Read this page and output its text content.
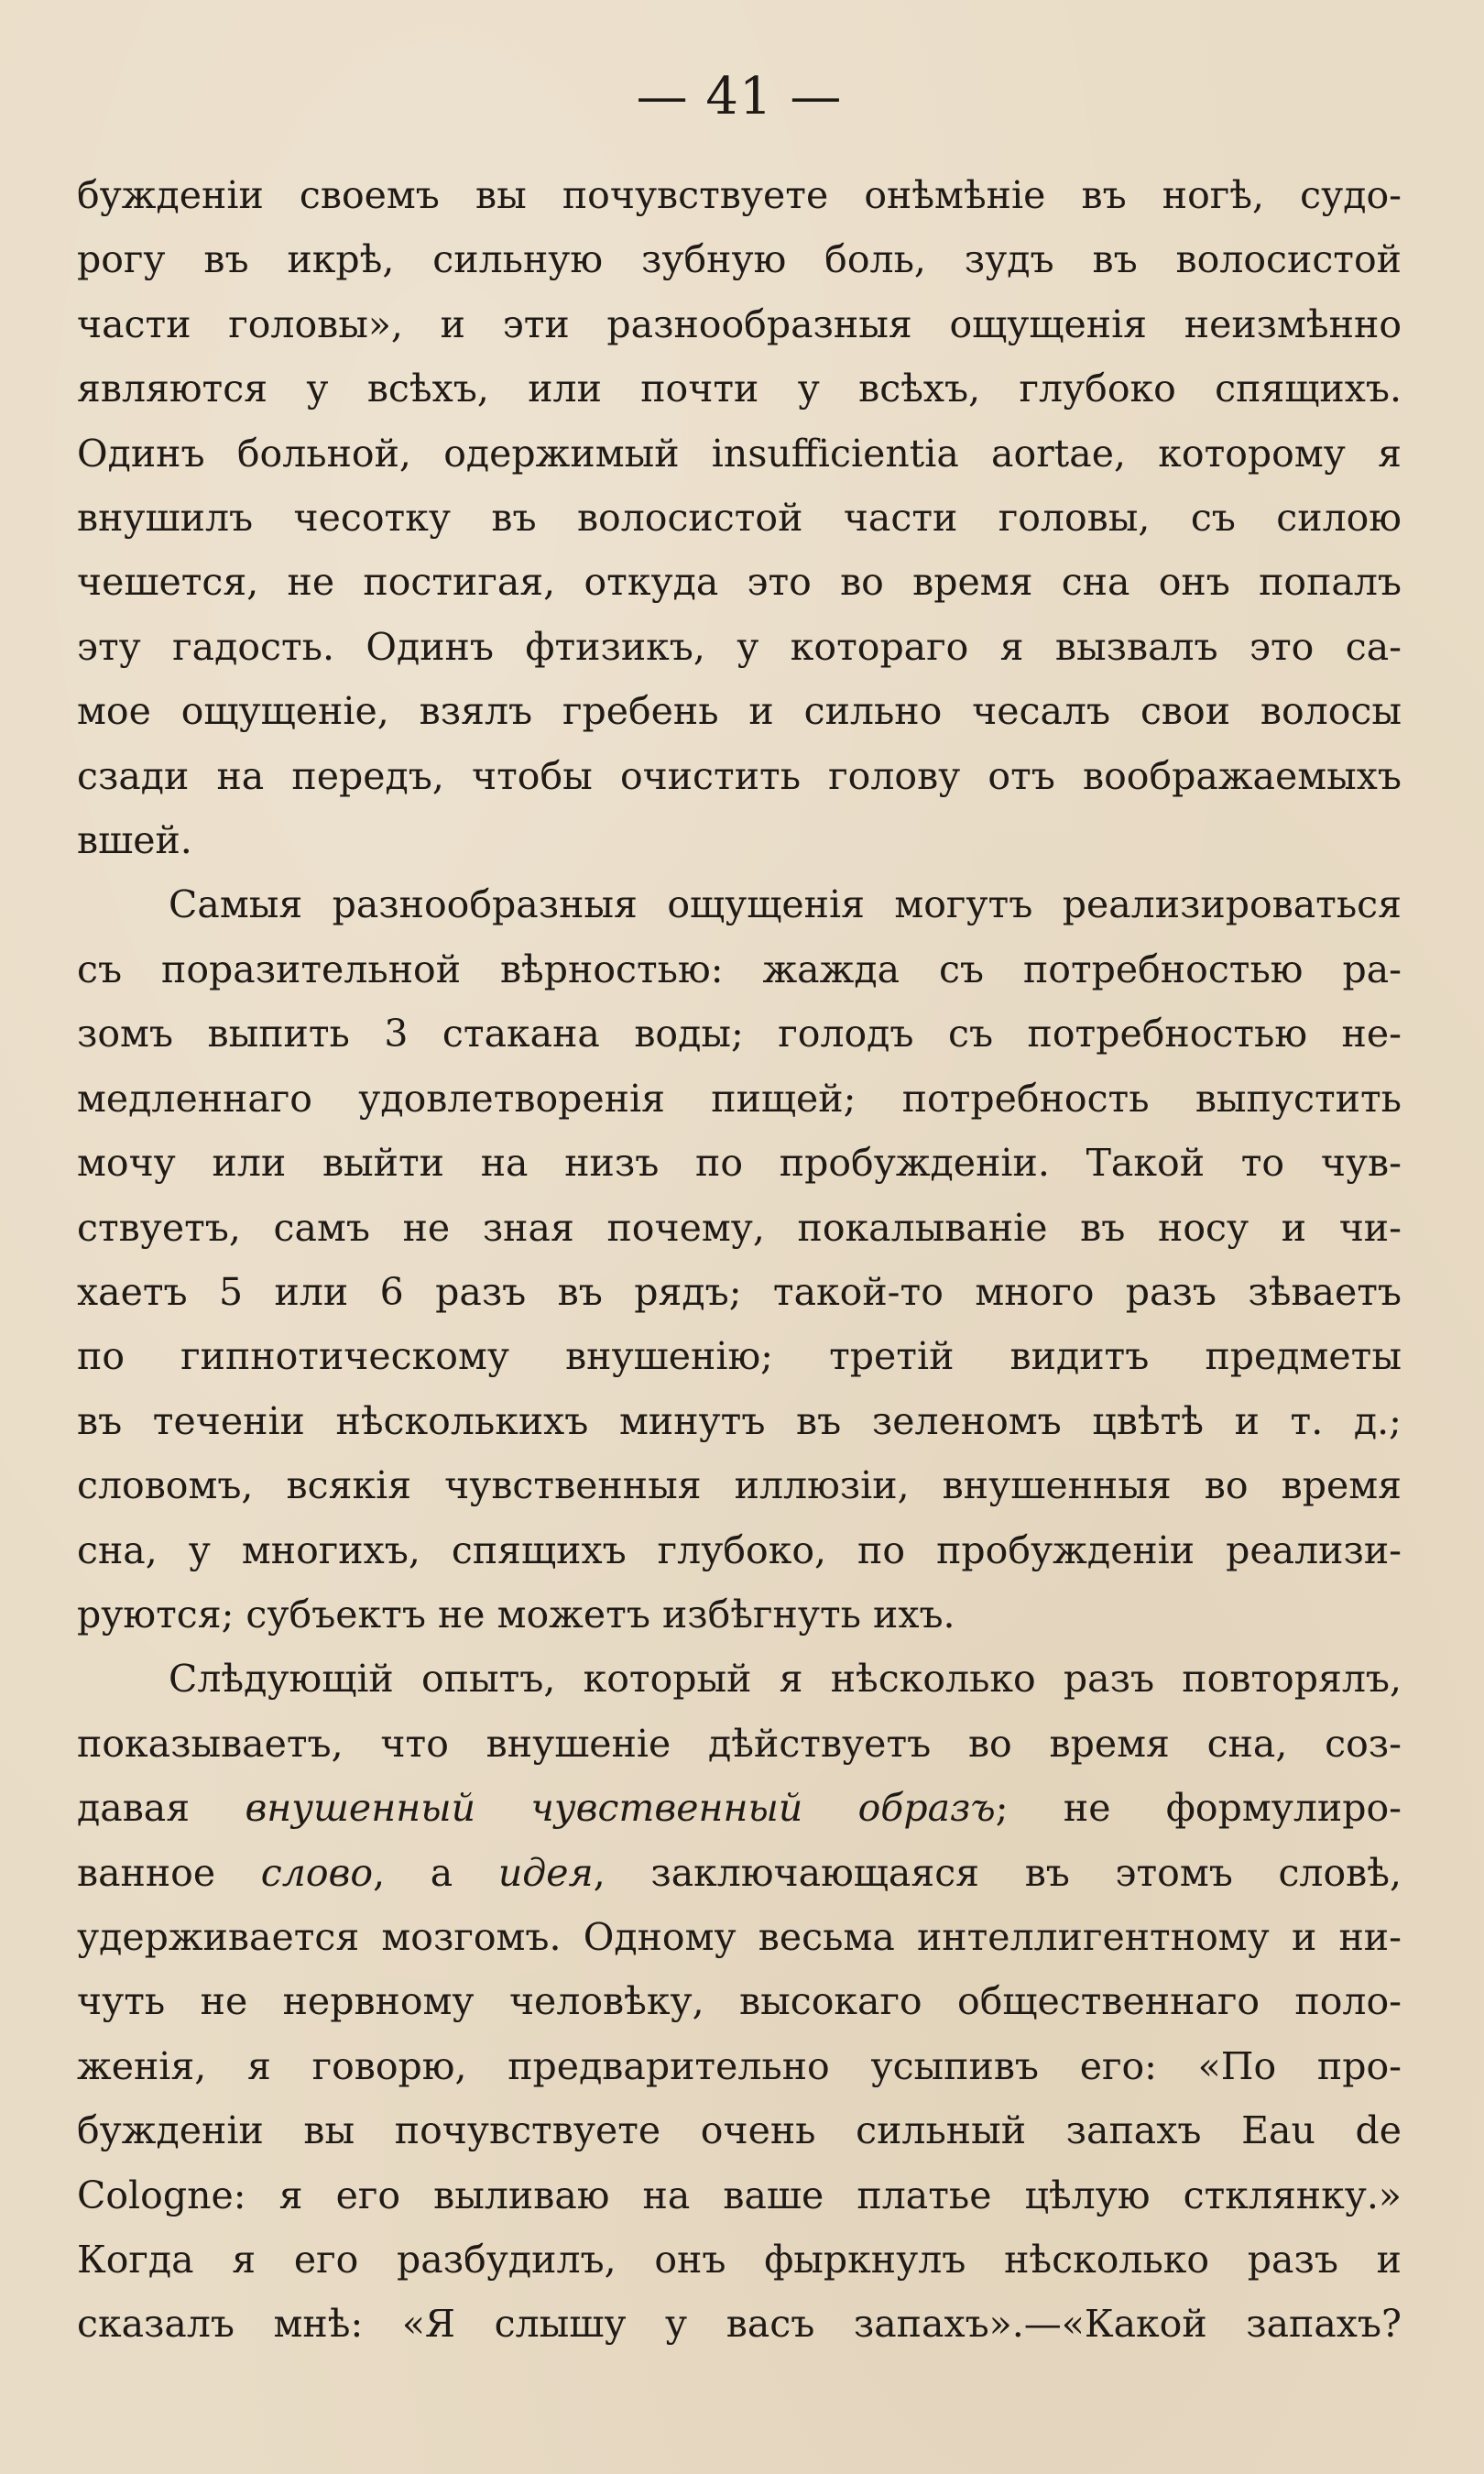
— 41 —
бужденіи своемъ вы почувствуете онѣмѣніе въ ногѣ, судо-
рогу въ икрѣ, сильную зубную боль, зудъ въ волосистой
части головы», и эти разнообразныя ощущенія неизмѣнно
являются у всѣхъ, или почти у всѣхъ, глубоко спящихъ.
Одинъ больной, одержимый insufficientia aortae, которому я
внушилъ чесотку въ волосистой части головы, съ силою
чешется, не постигая, откуда это во время сна онъ попалъ
эту гадость. Одинъ фтизикъ, у котораго я вызвалъ это са-
мое ощущеніе, взялъ гребень и сильно чесалъ свои волосы
сзади на передъ, чтобы очистить голову отъ воображаемыхъ
вшей.
Самыя разнообразныя ощущенія могутъ реализироваться
съ поразительной вѣрностью: жажда съ потребностью ра-
зомъ выпить 3 стакана воды; голодъ съ потребностью не-
медленнаго удовлетворенія пищей; потребность выпустить
мочу или выйти на низъ по пробужденіи. Такой то чув-
ствуетъ, самъ не зная почему, покалываніе въ носу и чи-
хаетъ 5 или 6 разъ въ рядъ; такой-то много разъ зѣваетъ
по гипнотическому внушенію; третій видитъ предметы
въ теченіи нѣсколькихъ минутъ въ зеленомъ цвѣтѣ и т. д.;
словомъ, всякія чувственныя иллюзіи, внушенныя во время
сна, у многихъ, спящихъ глубоко, по пробужденіи реализи-
руются; субъектъ не можетъ избѣгнуть ихъ.
Слѣдующій опытъ, который я нѣсколько разъ повторялъ,
показываетъ, что внушеніе дѣйствуетъ во время сна, соз-
давая внушенный чувственный образъ; не формулиро-
ванное слово, а идея, заключающаяся въ этомъ словѣ,
удерживается мозгомъ. Одному весьма интеллигентному и ни-
чуть не нервному человѣку, высокаго общественнаго поло-
женія, я говорю, предварительно усыпивъ его: «По про-
бужденіи вы почувствуете очень сильный запахъ Eau de
Cologne: я его выливаю на ваше платье цѣлую стклянку.»
Когда я его разбудилъ, онъ фыркнулъ нѣсколько разъ и
сказалъ мнѣ: «Я слышу у васъ запахъ».—«Какой запахъ?
